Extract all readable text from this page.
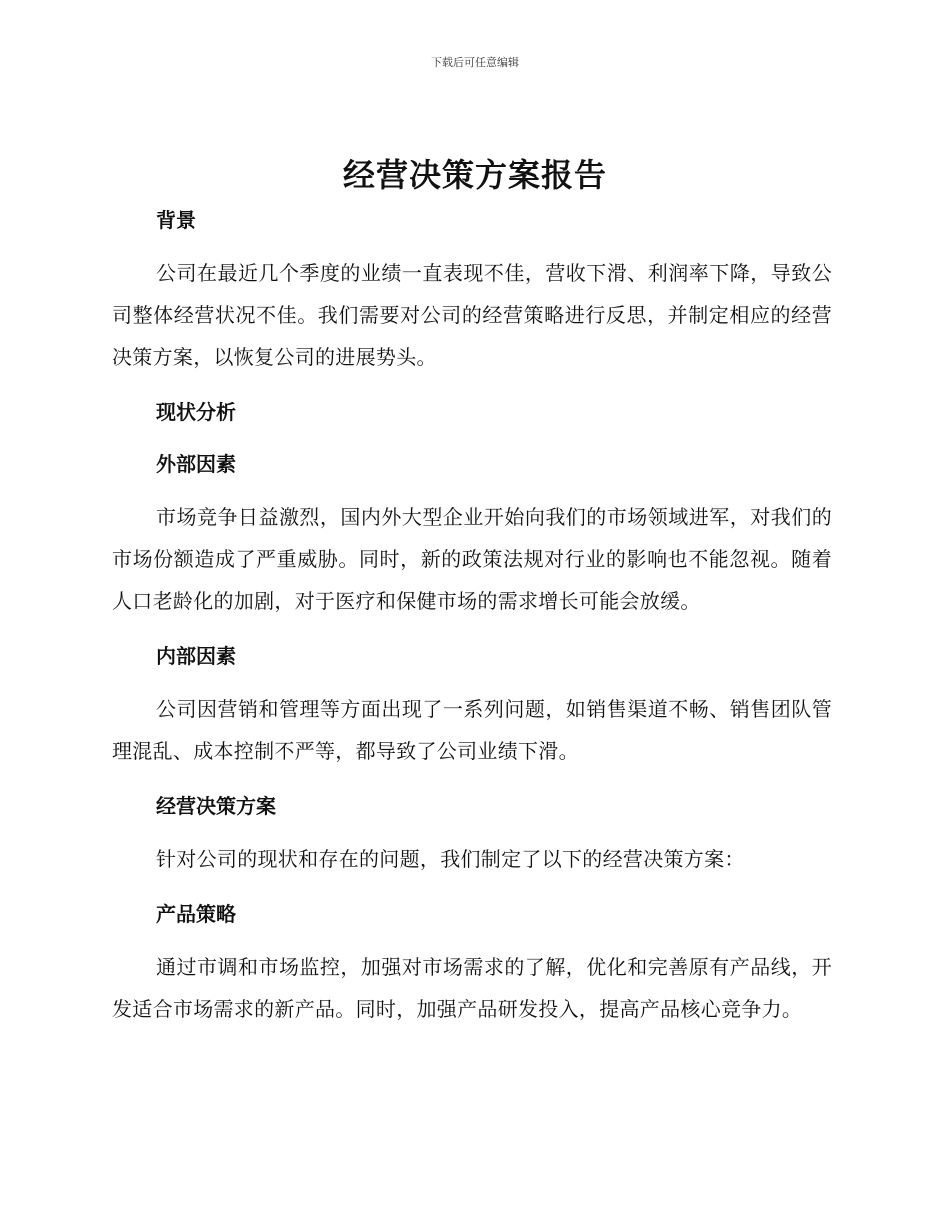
下载后可任意编辑
经营决策方案报告
背景

公司在最近几个季度的业绩一直表现不佳，营收下滑、利润率下降，导致公司整体经营状况不佳。我们需要对公司的经营策略进行反思，并制定相应的经营决策方案，以恢复公司的进展势头。

现状分析
外部因素

市场竞争日益激烈，国内外大型企业开始向我们的市场领域进军，对我们的市场份额造成了严重威胁。同时，新的政策法规对行业的影响也不能忽视。随着人口老龄化的加剧，对于医疗和保健市场的需求增长可能会放缓。

内部因素

公司因营销和管理等方面出现了一系列问题，如销售渠道不畅、销售团队管理混乱、成本控制不严等，都导致了公司业绩下滑。

经营决策方案

针对公司的现状和存在的问题，我们制定了以下的经营决策方案：

产品策略

通过市调和市场监控，加强对市场需求的了解，优化和完善原有产品线，开发适合市场需求的新产品。同时，加强产品研发投入，提高产品核心竞争力。
